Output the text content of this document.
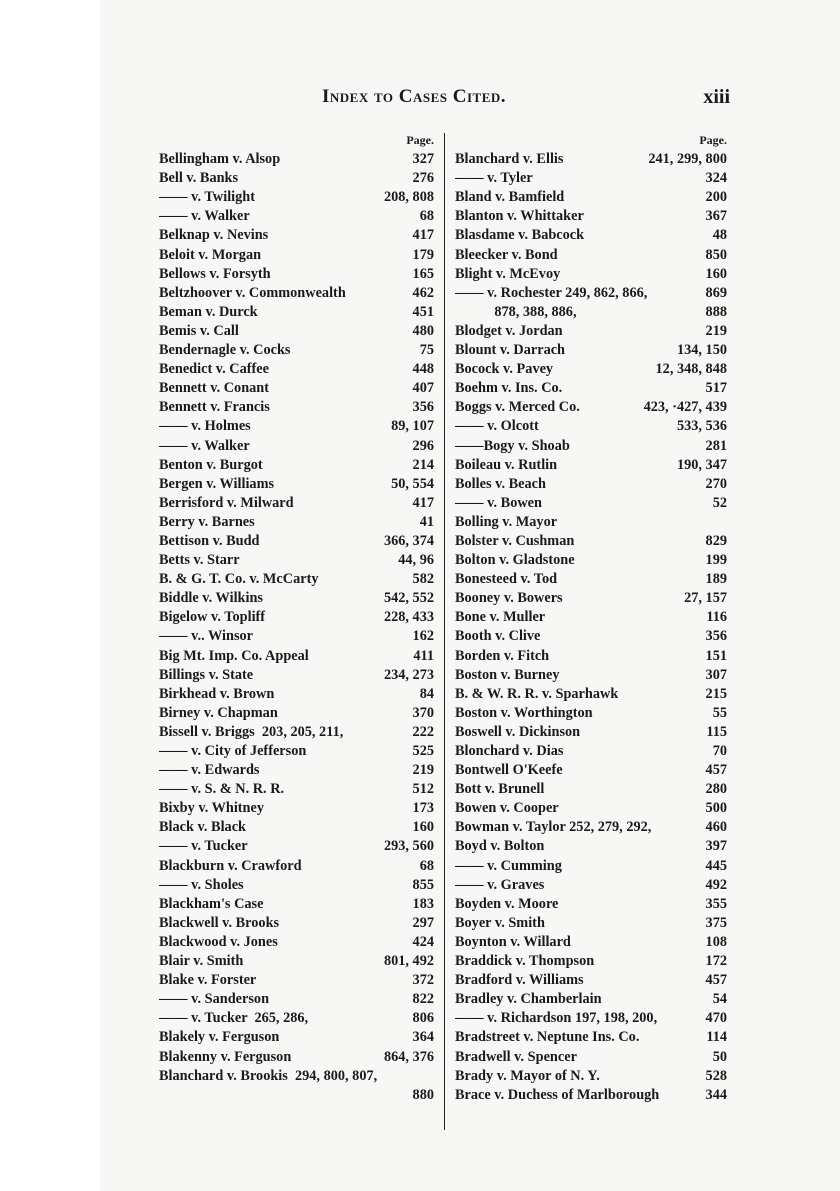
Index to Cases Cited.	xiii
Page.
Bellingham v. Alsop	327
Bell v. Banks	276
—— v. Twilight	208, 808
—— v. Walker	68
Belknap v. Nevins	417
Beloit v. Morgan	179
Bellows v. Forsyth	165
Beltzhoover v. Commonwealth	462
Beman v. Durck	451
Bemis v. Call	480
Bendernagle v. Cocks	75
Benedict v. Caffee	448
Bennett v. Conant	407
Bennett v. Francis	356
—— v. Holmes	89, 107
—— v. Walker	296
Benton v. Burgot	214
Bergen v. Williams	50, 554
Berrisford v. Milward	417
Berry v. Barnes	41
Bettison v. Budd	366, 374
Betts v. Starr	44, 96
B. & G. T. Co. v. McCarty	582
Biddle v. Wilkins	542, 552
Bigelow v. Topliff	228, 433
—— v.. Winsor	162
Big Mt. Imp. Co. Appeal	411
Billings v. State	234, 273
Birkhead v. Brown	84
Birney v. Chapman	370
Bissell v. Briggs  203, 205, 211,	222
—— v. City of Jefferson	525
—— v. Edwards	219
—— v. S. & N. R. R.	512
Bixby v. Whitney	173
Black v. Black	160
—— v. Tucker	293, 560
Blackburn v. Crawford	68
—— v. Sholes	855
Blackham's Case	183
Blackwell v. Brooks	297
Blackwood v. Jones	424
Blair v. Smith	801, 492
Blake v. Forster	372
—— v. Sanderson	822
—— v. Tucker  265, 286,	806
Blakely v. Ferguson	364
Blakenny v. Ferguson	864, 376
Blanchard v. Brookis  294, 800, 807,
880
Page.
Blanchard v. Ellis	241, 299, 800
—— v. Tyler	324
Bland v. Bamfield	200
Blanton v. Whittaker	367
Blasdame v. Babcock	48
Bleecker v. Bond	850
Blight v. McEvoy	160
—— v. Rochester 249, 862, 866,	869
878, 388, 886,	888
Blodget v. Jordan	219
Blount v. Darrach	134, 150
Bocock v. Pavey	12, 348, 848
Boehm v. Ins. Co.	517
Boggs v. Merced Co.	423, ·427, 439
—— v. Olcott	533, 536
——Bogy v. Shoab	281
Boileau v. Rutlin	190, 347
Bolles v. Beach	270
—— v. Bowen	52
Bolling v. Mayor
Bolster v. Cushman	829
Bolton v. Gladstone	199
Bonesteed v. Tod	189
Booney v. Bowers	27, 157
Bone v. Muller	116
Booth v. Clive	356
Borden v. Fitch	151
Boston v. Burney	307
B. & W. R. R. v. Sparhawk	215
Boston v. Worthington	55
Boswell v. Dickinson	115
Blonchard v. Dias	70
Bontwell O'Keefe	457
Bott v. Brunell	280
Bowen v. Cooper	500
Bowman v. Taylor 252, 279, 292,	460
Boyd v. Bolton	397
—— v. Cumming	445
—— v. Graves	492
Boyden v. Moore	355
Boyer v. Smith	375
Boynton v. Willard	108
Braddick v. Thompson	172
Bradford v. Williams	457
Bradley v. Chamberlain	54
—— v. Richardson 197, 198, 200,	470
Bradstreet v. Neptune Ins. Co.	114
Bradwell v. Spencer	50
Brady v. Mayor of N. Y.	528
Brace v. Duchess of Marlborough	344
